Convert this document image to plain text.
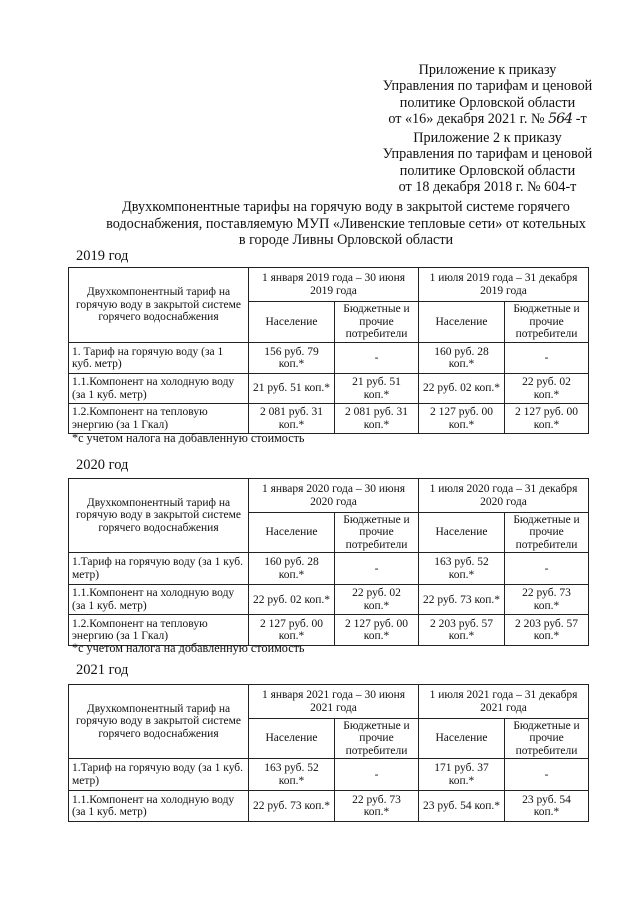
Приложение к приказу
Управления по тарифам и ценовой
политике Орловской области
от «16» декабря 2021 г. № 564 -т
Приложение 2 к приказу
Управления по тарифам и ценовой
политике Орловской области
от 18 декабря 2018 г. № 604-т
Двухкомпонентные тарифы на горячую воду в закрытой системе горячего
водоснабжения, поставляемую МУП «Ливенские тепловые сети» от котельных
в городе Ливны Орловской области
2019 год
Двухкомпонентный тариф на горячую воду в закрытой системе горячего водоснабжения	1 января 2019 года – 30 июня 2019 года		1 июля 2019 года – 31 декабря 2019 года	
	Население	Бюджетные и прочие потребители	Население	Бюджетные и прочие потребители
1. Тариф на горячую воду (за 1 куб. метр)	156 руб. 79 коп.*	-	160 руб. 28 коп.*	-
1.1.Компонент на холодную воду (за 1 куб. метр)	21 руб. 51 коп.*	21 руб. 51 коп.*	22 руб. 02 коп.*	22 руб. 02 коп.*
1.2.Компонент на тепловую энергию (за 1 Гкал)	2 081 руб. 31 коп.*	2 081 руб. 31 коп.*	2 127 руб. 00 коп.*	2 127 руб. 00 коп.*
*с учетом налога на добавленную стоимость
2020 год
Двухкомпонентный тариф на горячую воду в закрытой системе горячего водоснабжения	1 января 2020 года – 30 июня 2020 года		1 июля 2020 года – 31 декабря 2020 года	
	Население	Бюджетные и прочие потребители	Население	Бюджетные и прочие потребители
1.Тариф на горячую воду (за 1 куб. метр)	160 руб. 28 коп.*	-	163 руб. 52 коп.*	-
1.1.Компонент на холодную воду (за 1 куб. метр)	22 руб. 02 коп.*	22 руб. 02 коп.*	22 руб. 73 коп.*	22 руб. 73 коп.*
1.2.Компонент на тепловую энергию (за 1 Гкал)	2 127 руб. 00 коп.*	2 127 руб. 00 коп.*	2 203 руб. 57 коп.*	2 203 руб. 57 коп.*
*с учетом налога на добавленную стоимость
2021 год
Двухкомпонентный тариф на горячую воду в закрытой системе горячего водоснабжения	1 января 2021 года – 30 июня 2021 года		1 июля 2021 года – 31 декабря 2021 года	
	Население	Бюджетные и прочие потребители	Население	Бюджетные и прочие потребители
1.Тариф на горячую воду (за 1 куб. метр)	163 руб. 52 коп.*	-	171 руб. 37 коп.*	-
1.1.Компонент на холодную воду (за 1 куб. метр)	22 руб. 73 коп.*	22 руб. 73 коп.*	23 руб. 54 коп.*	23 руб. 54 коп.*
